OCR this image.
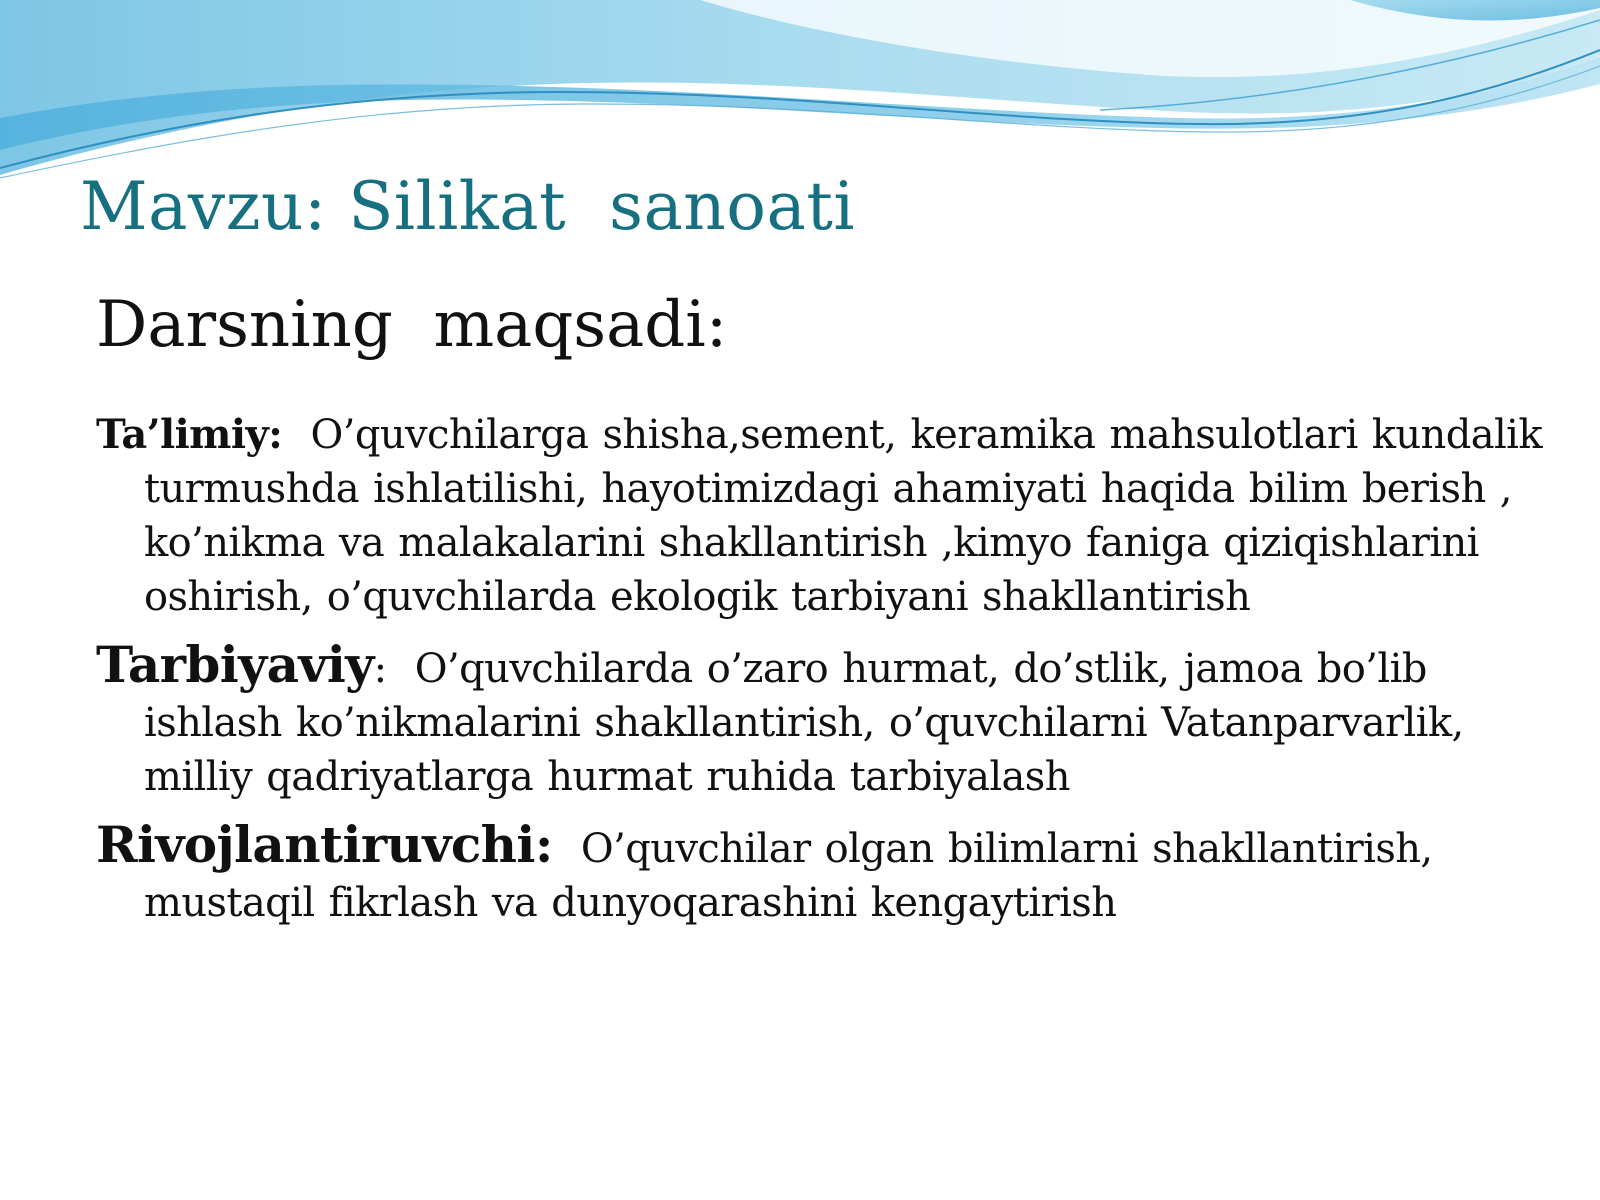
Mavzu: Silikat  sanoati
Darsning  maqsadi:

Ta’limiy: O’quvchilarga shisha,sement, keramika mahsulotlari kundalik turmushda ishlatilishi, hayotimizdagi ahamiyati haqida bilim berish , ko’nikma va malakalarini shakllantirish ,kimyo faniga qiziqishlarini oshirish, o’quvchilarda ekologik tarbiyani shakllantirish

Tarbiyaviy: O’quvchilarda o’zaro hurmat, do’stlik, jamoa bo’lib ishlash ko’nikmalarini shakllantirish, o’quvchilarni Vatanparvarlik, milliy qadriyatlarga hurmat ruhida tarbiyalash

Rivojlantiruvchi: O’quvchilar olgan bilimlarni shakllantirish, mustaqil fikrlash va dunyoqarashini kengaytirish
